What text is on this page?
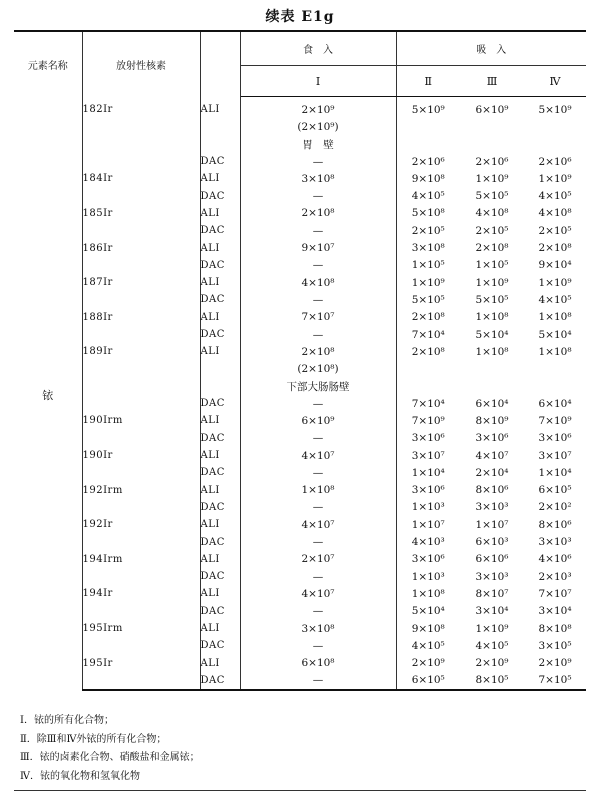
续表 E1g
元素名称	放射性核素		食　入	吸　入		
			Ⅰ	Ⅱ	Ⅲ	Ⅳ
铱	182Ir	ALI	2×10⁹	5×10⁹	6×10⁹	5×10⁹
			(2×10⁹)			
			胃　壁			
		DAC	—	2×10⁶	2×10⁶	2×10⁶
	184Ir	ALI	3×10⁸	9×10⁸	1×10⁹	1×10⁹
		DAC	—	4×10⁵	5×10⁵	4×10⁵
	185Ir	ALI	2×10⁸	5×10⁸	4×10⁸	4×10⁸
		DAC	—	2×10⁵	2×10⁵	2×10⁵
	186Ir	ALI	9×10⁷	3×10⁸	2×10⁸	2×10⁸
		DAC	—	1×10⁵	1×10⁵	9×10⁴
	187Ir	ALI	4×10⁸	1×10⁹	1×10⁹	1×10⁹
		DAC	—	5×10⁵	5×10⁵	4×10⁵
	188Ir	ALI	7×10⁷	2×10⁸	1×10⁸	1×10⁸
		DAC	—	7×10⁴	5×10⁴	5×10⁴
	189Ir	ALI	2×10⁸	2×10⁸	1×10⁸	1×10⁸
			(2×10⁸)			
			下部大肠肠壁			
		DAC	—	7×10⁴	6×10⁴	6×10⁴
	190Irm	ALI	6×10⁹	7×10⁹	8×10⁹	7×10⁹
		DAC	—	3×10⁶	3×10⁶	3×10⁶
	190Ir	ALI	4×10⁷	3×10⁷	4×10⁷	3×10⁷
		DAC	—	1×10⁴	2×10⁴	1×10⁴
	192Irm	ALI	1×10⁸	3×10⁶	8×10⁶	6×10⁵
		DAC	—	1×10³	3×10³	2×10²
	192Ir	ALI	4×10⁷	1×10⁷	1×10⁷	8×10⁶
		DAC	—	4×10³	6×10³	3×10³
	194Irm	ALI	2×10⁷	3×10⁶	6×10⁶	4×10⁶
		DAC	—	1×10³	3×10³	2×10³
	194Ir	ALI	4×10⁷	1×10⁸	8×10⁷	7×10⁷
		DAC	—	5×10⁴	3×10⁴	3×10⁴
	195Irm	ALI	3×10⁸	9×10⁸	1×10⁹	8×10⁸
		DAC	—	4×10⁵	4×10⁵	3×10⁵
	195Ir	ALI	6×10⁸	2×10⁹	2×10⁹	2×10⁹
		DAC	—	6×10⁵	8×10⁵	7×10⁵
Ⅰ．铱的所有化合物；
Ⅱ．除Ⅲ和Ⅳ外铱的所有化合物；
Ⅲ．铱的卤素化合物、硝酸盐和金属铱；
Ⅳ．铱的氧化物和氢氧化物
